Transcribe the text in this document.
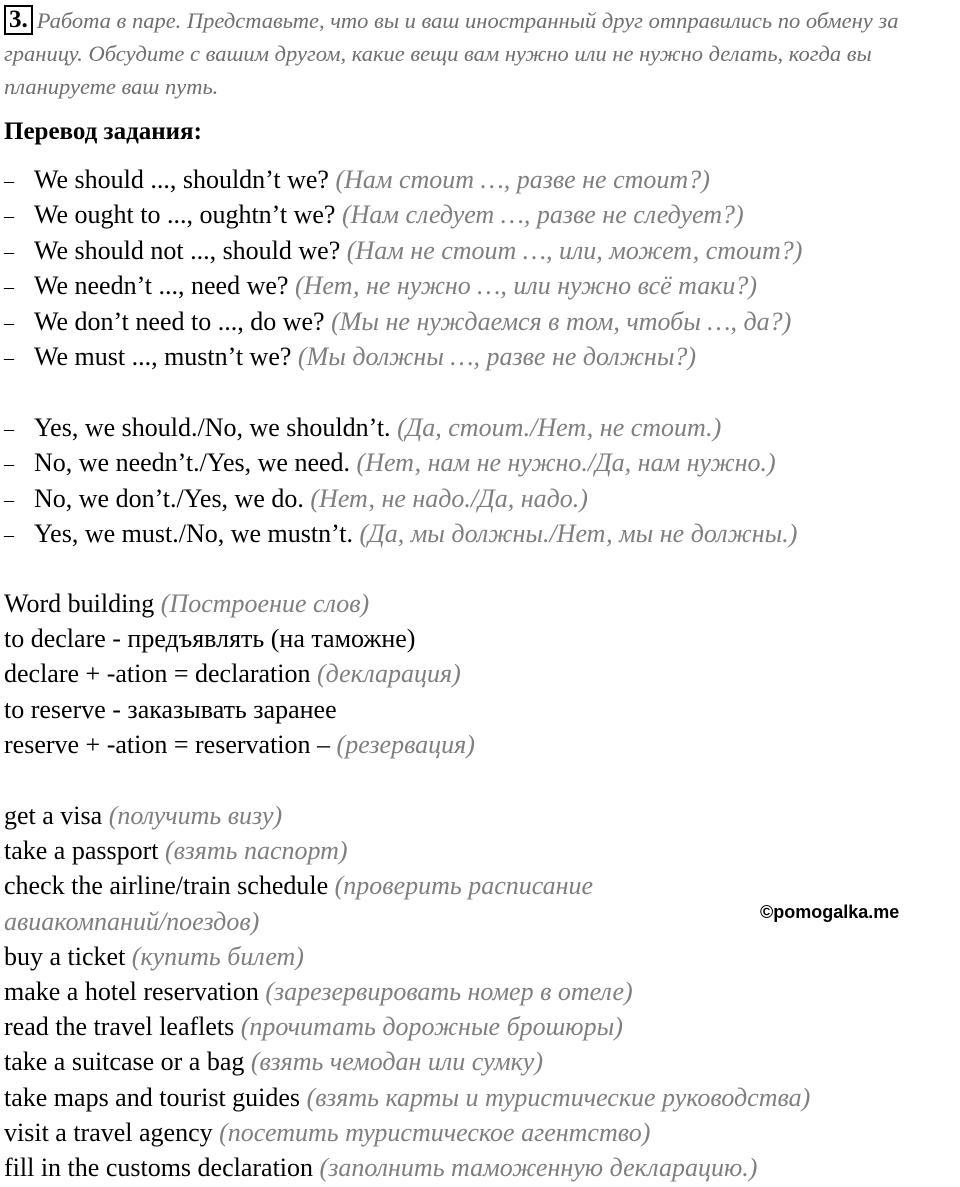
3. Работа в паре. Представьте, что вы и ваш иностранный друг отправились по обмену за границу. Обсудите с вашим другом, какие вещи вам нужно или не нужно делать, когда вы планируете ваш путь.
Перевод задания:
– We should ..., shouldn’t we? (Нам стоит …, разве не стоит?)
– We ought to ..., oughtn’t we? (Нам следует …, разве не следует?)
– We should not ..., should we? (Нам не стоит …, или, может, стоит?)
– We needn’t ..., need we? (Нет, не нужно …, или нужно всё таки?)
– We don’t need to ..., do we? (Мы не нуждаемся в том, чтобы …, да?)
– We must ..., mustn’t we? (Мы должны …, разве не должны?)
– Yes, we should./No, we shouldn’t. (Да, стоит./Нет, не стоит.)
– No, we needn’t./Yes, we need. (Нет, нам не нужно./Да, нам нужно.)
– No, we don’t./Yes, we do. (Нет, не надо./Да, надо.)
– Yes, we must./No, we mustn’t. (Да, мы должны./Нет, мы не должны.)
Word building (Построение слов)
to declare - предъявлять (на таможне)
declare + -ation = declaration (декларация)
to reserve - заказывать заранее
reserve + -ation = reservation – (резервация)
get a visa (получить визу)
take a passport (взять паспорт)
check the airline/train schedule (проверить расписание авиакомпаний/поездов)
buy a ticket (купить билет)
make a hotel reservation (зарезервировать номер в отеле)
read the travel leaflets (прочитать дорожные брошюры)
take a suitcase or a bag (взять чемодан или сумку)
take maps and tourist guides (взять карты и туристические руководства)
visit a travel agency (посетить туристическое агентство)
fill in the customs declaration (заполнить таможенную декларацию.)
©pomogalka.me
